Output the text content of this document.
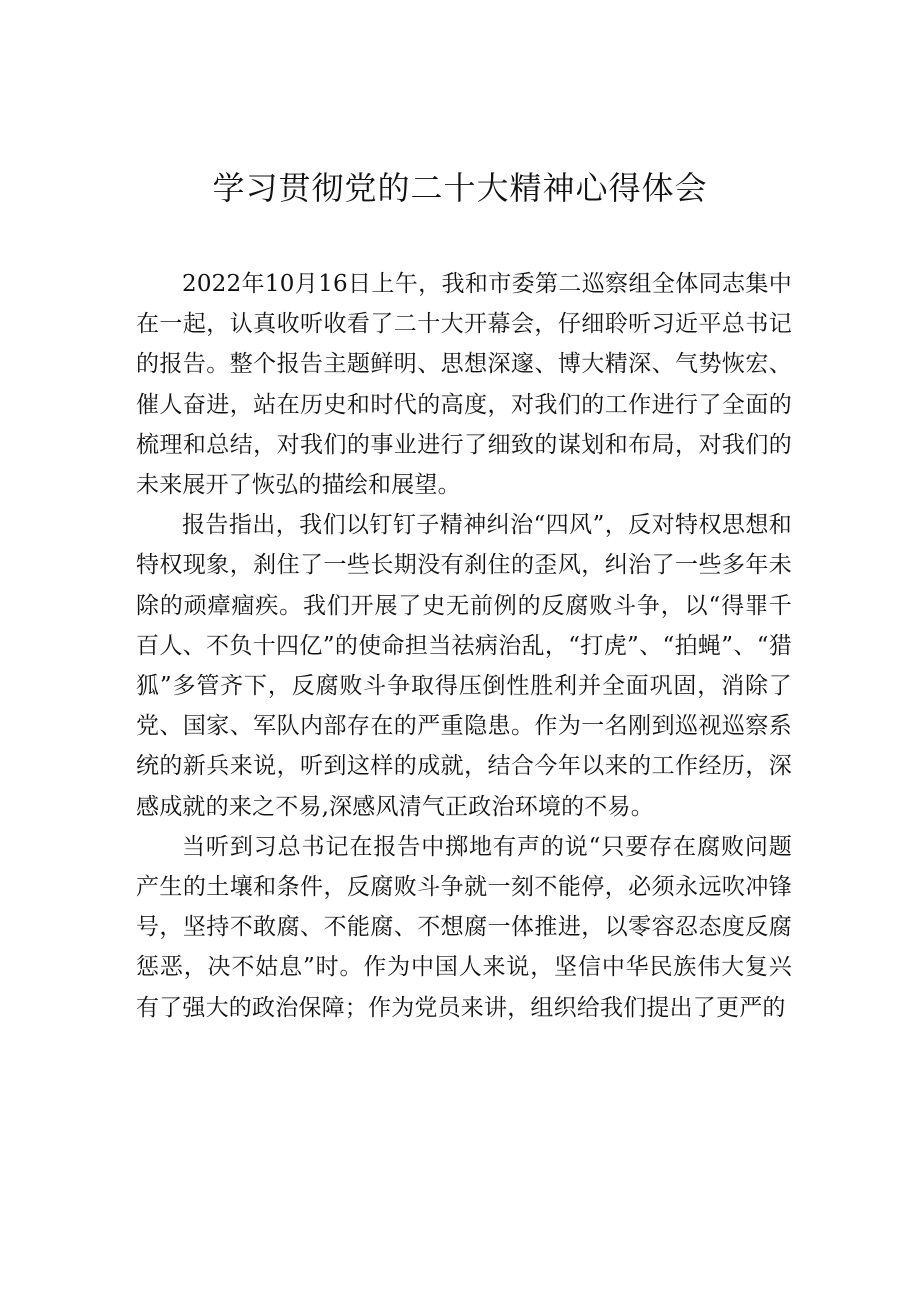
学习贯彻党的二十大精神心得体会

2022年10月16日上午，我和市委第二巡察组全体同志集中在一起，认真收听收看了二十大开幕会，仔细聆听习近平总书记的报告。整个报告主题鲜明、思想深邃、博大精深、气势恢宏、催人奋进，站在历史和时代的高度，对我们的工作进行了全面的梳理和总结，对我们的事业进行了细致的谋划和布局，对我们的未来展开了恢弘的描绘和展望。

报告指出，我们以钉钉子精神纠治“四风”，反对特权思想和特权现象，刹住了一些长期没有刹住的歪风，纠治了一些多年未除的顽瘴痼疾。我们开展了史无前例的反腐败斗争，以“得罪千百人、不负十四亿”的使命担当祛病治乱，“打虎”、“拍蝇”、“猎狐”多管齐下，反腐败斗争取得压倒性胜利并全面巩固，消除了党、国家、军队内部存在的严重隐患。作为一名刚到巡视巡察系统的新兵来说，听到这样的成就，结合今年以来的工作经历，深感成就的来之不易,深感风清气正政治环境的不易。

当听到习总书记在报告中掷地有声的说“只要存在腐败问题产生的土壤和条件，反腐败斗争就一刻不能停，必须永远吹冲锋号，坚持不敢腐、不能腐、不想腐一体推进，以零容忍态度反腐惩恶，决不姑息”时。作为中国人来说，坚信中华民族伟大复兴有了强大的政治保障；作为党员来讲，组织给我们提出了更严的
